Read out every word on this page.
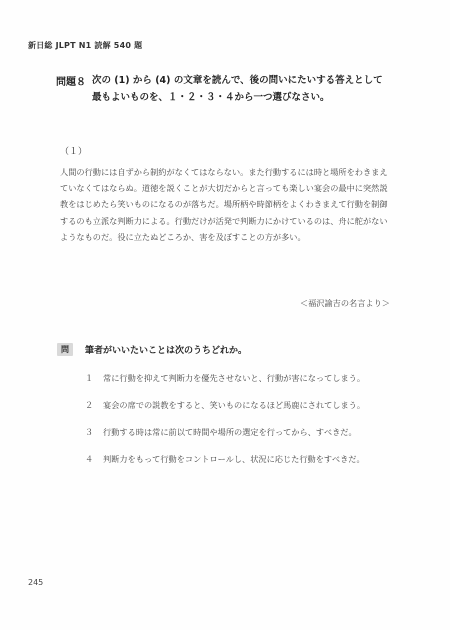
新日総 JLPT N1 読解 540 題
問題８ 次の (1) から (4) の文章を読んで、後の問いにたいする答えとして最もよいものを、１・２・３・４から一つ選びなさい。
（１）

人間の行動には自ずから制約がなくてはならない。また行動するには時と場所をわきまえていなくてはならぬ。道徳を説くことが大切だからと言っても楽しい宴会の最中に突然説教をはじめたら笑いものになるのが落ちだ。場所柄や時節柄をよくわきまえて行動を制御するのも立派な判断力による。行動だけが活発で判断力にかけているのは、舟に舵がないようなものだ。役に立たぬどころか、害を及ぼすことの方が多い。

＜福沢諭吉の名言より＞
問	筆者がいいたいことは次のうちどれか。
１	常に行動を抑えて判断力を優先させないと、行動が害になってしまう。
２	宴会の席での説教をすると、笑いものになるほど馬鹿にされてしまう。
３	行動する時は常に前以て時間や場所の選定を行ってから、すべきだ。
４	判断力をもって行動をコントロールし、状況に応じた行動をすべきだ。
245
